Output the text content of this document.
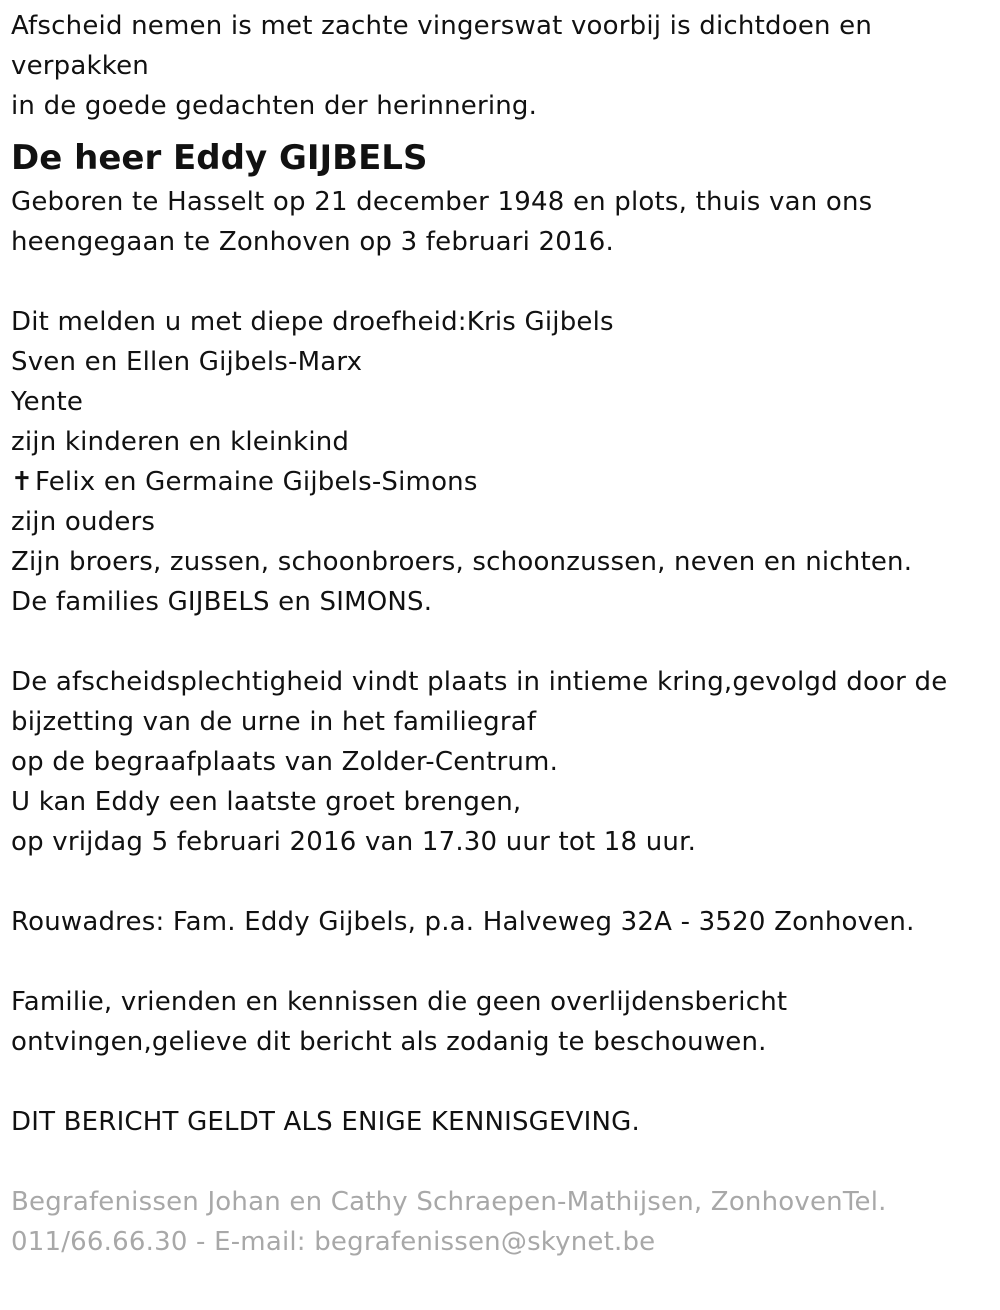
Afscheid nemen is met zachte vingerswat voorbij is dichtdoen en
verpakken
in de goede gedachten der herinnering.
De heer Eddy GIJBELS
Geboren te Hasselt op 21 december 1948 en plots, thuis van ons
heengegaan te Zonhoven op 3 februari 2016.
Dit melden u met diepe droefheid:Kris Gijbels
Sven en Ellen Gijbels-Marx
Yente
zijn kinderen en kleinkind
✝ Felix en Germaine Gijbels-Simons
zijn ouders
Zijn broers, zussen, schoonbroers, schoonzussen, neven en nichten.
De families GIJBELS en SIMONS.
De afscheidsplechtigheid vindt plaats in intieme kring,gevolgd door de
bijzetting van de urne in het familiegraf
op de begraafplaats van Zolder-Centrum.
U kan Eddy een laatste groet brengen,
op vrijdag 5 februari 2016 van 17.30 uur tot 18 uur.
Rouwadres: Fam. Eddy Gijbels, p.a. Halveweg 32A - 3520 Zonhoven.
Familie, vrienden en kennissen die geen overlijdensbericht
ontvingen,gelieve dit bericht als zodanig te beschouwen.
DIT BERICHT GELDT ALS ENIGE KENNISGEVING.
Begrafenissen Johan en Cathy Schraepen-Mathijsen, ZonhovenTel.
011/66.66.30 - E-mail: begrafenissen@skynet.be
